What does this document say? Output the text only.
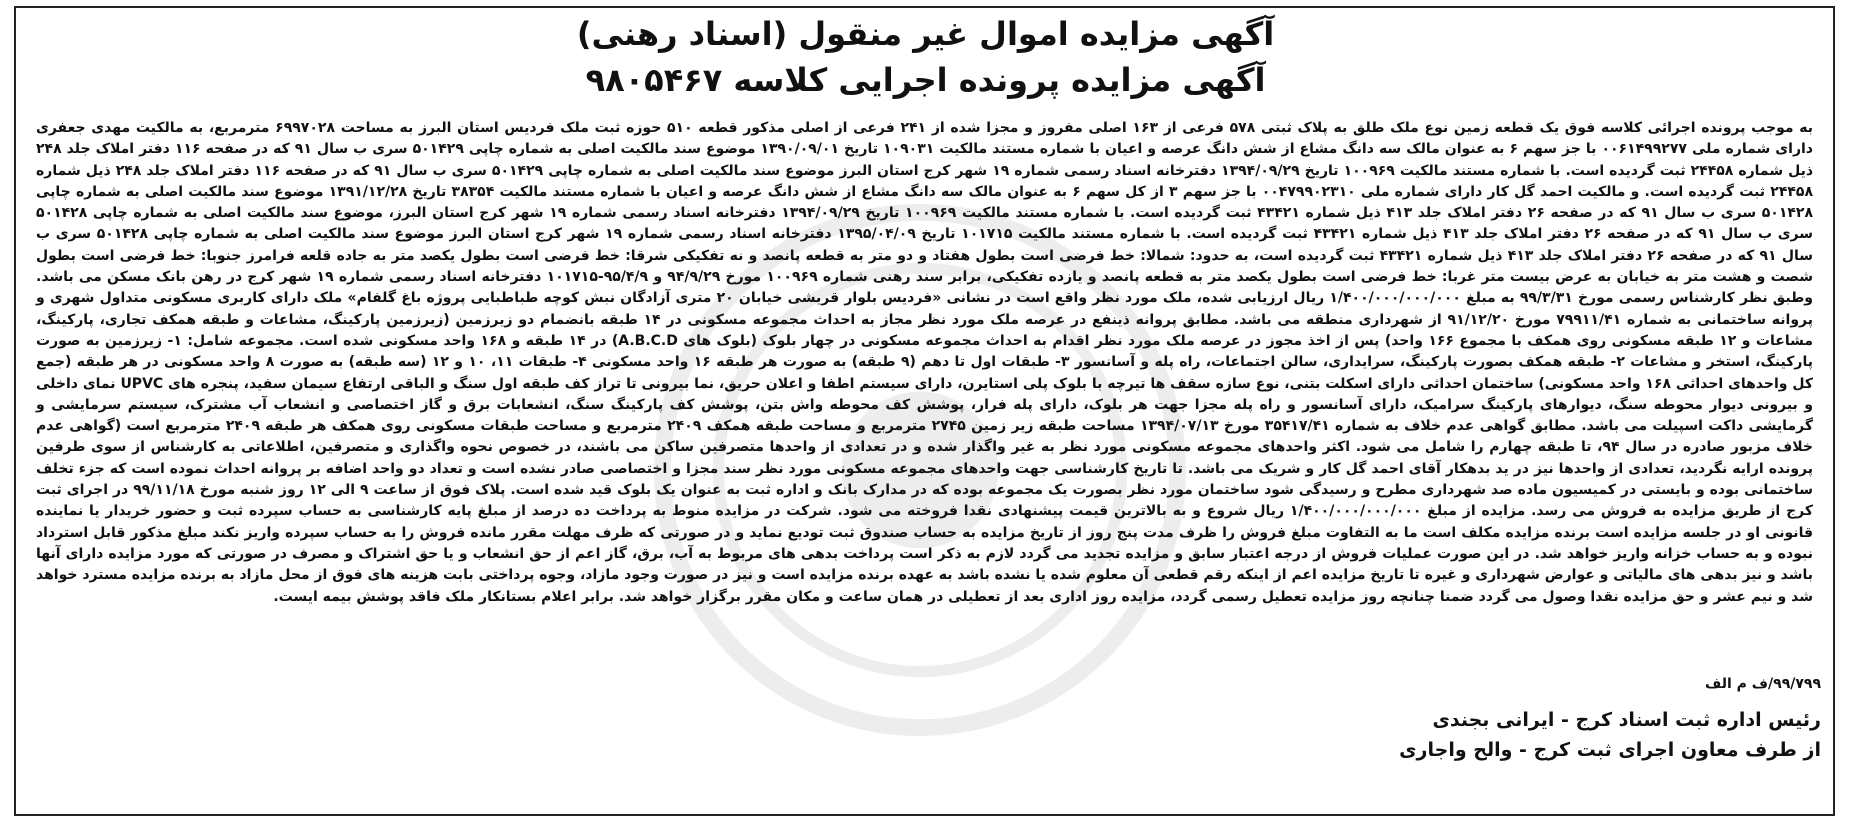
آگهی مزایده اموال غیر منقول (اسناد رهنی)
آگهی مزایده پرونده اجرایی کلاسه ۹۸۰۵۴۶۷

به موجب پرونده اجرائی کلاسه فوق یک قطعه زمین نوع ملک طلق به پلاک ثبتی ۵۷۸ فرعی از ۱۶۳ اصلی مفروز و مجزا شده از ۲۴۱ فرعی از اصلی مذکور قطعه ۵۱۰ حوزه ثبت ملک فردیس استان البرز به مساحت ۶۹۹۷۰۲۸ مترمربع، به مالکیت مهدی جعفری دارای شماره ملی ۰۰۶۱۴۹۹۲۷۷ با جز سهم ۶ به عنوان مالک سه دانگ مشاع از شش دانگ عرصه و اعیان با شماره مستند مالکیت ۱۰۹۰۳۱ تاریخ ۱۳۹۰/۰۹/۰۱ موضوع سند مالکیت اصلی به شماره چاپی ۵۰۱۴۲۹ سری ب سال ۹۱ که در صفحه ۱۱۶ دفتر املاک جلد ۲۴۸ ذیل شماره ۲۴۴۵۸ ثبت گردیده است. با شماره مستند مالکیت ۱۰۰۹۶۹ تاریخ ۱۳۹۴/۰۹/۲۹ دفترخانه اسناد رسمی شماره ۱۹ شهر کرج استان البرز موضوع سند مالکیت اصلی به شماره چاپی ۵۰۱۴۲۹ سری ب سال ۹۱ که در صفحه ۱۱۶ دفتر املاک جلد ۲۴۸ ذیل شماره ۲۴۴۵۸ ثبت گردیده است. و مالکیت احمد گل کار دارای شماره ملی ۰۰۴۷۹۹۰۲۳۱۰ با جز سهم ۳ از کل سهم ۶ به عنوان مالک سه دانگ مشاع از شش دانگ عرصه و اعیان با شماره مستند مالکیت ۳۸۳۵۴ تاریخ ۱۳۹۱/۱۲/۲۸ موضوع سند مالکیت اصلی به شماره چاپی ۵۰۱۴۲۸ سری ب سال ۹۱ که در صفحه ۲۶ دفتر املاک جلد ۴۱۳ ذیل شماره ۴۳۴۲۱ ثبت گردیده است. با شماره مستند مالکیت ۱۰۰۹۶۹ تاریخ ۱۳۹۴/۰۹/۲۹ دفترخانه اسناد رسمی شماره ۱۹ شهر کرج استان البرز، موضوع سند مالکیت اصلی به شماره چاپی ۵۰۱۴۲۸ سری ب سال ۹۱ که در صفحه ۲۶ دفتر املاک جلد ۴۱۳ ذیل شماره ۴۳۴۲۱ ثبت گردیده است. با شماره مستند مالکیت ۱۰۱۷۱۵ تاریخ ۱۳۹۵/۰۴/۰۹ دفترخانه اسناد رسمی شماره ۱۹ شهر کرج استان البرز موضوع سند مالکیت اصلی به شماره چاپی ۵۰۱۴۲۸ سری ب سال ۹۱ که در صفحه ۲۶ دفتر املاک جلد ۴۱۳ ذیل شماره ۴۳۴۲۱ ثبت گردیده است، به حدود: شمالا: خط فرضی است بطول هفتاد و دو متر به قطعه پانصد و نه تفکیکی شرقا: خط فرضی است بطول یکصد متر به جاده قلعه فرامرز جنوبا: خط فرضی است بطول شصت و هشت متر به خیابان به عرض بیست متر غربا: خط فرضی است بطول یکصد متر به قطعه پانصد و یازده تفکیکی، برابر سند رهنی شماره ۱۰۰۹۶۹ مورخ ۹۴/۹/۲۹ و ۹۵/۴/۹-۱۰۱۷۱۵ دفترخانه اسناد رسمی شماره ۱۹ شهر کرج در رهن بانک مسکن می باشد. وطبق نظر کارشناس رسمی مورخ ۹۹/۳/۳۱ به مبلغ ۱/۴۰۰/۰۰۰/۰۰۰/۰۰۰ ریال ارزیابی شده، ملک مورد نظر واقع است در نشانی «فردیس بلوار قریشی خیابان ۲۰ متری آزادگان نبش کوچه طباطبایی پروژه باغ گلفام» ملک دارای کاربری مسکونی متداول شهری و پروانه ساختمانی به شماره ۷۹۹۱۱/۴۱ مورخ ۹۱/۱۲/۲۰ از شهرداری منطقه می باشد. مطابق پروانه ذینفع در عرصه ملک مورد نظر مجاز به احداث مجموعه مسکونی در ۱۴ طبقه بانضمام دو زیرزمین (زیرزمین پارکینگ، مشاعات و طبقه همکف تجاری، پارکینگ، مشاعات و ۱۲ طبقه مسکونی روی همکف با مجموع ۱۶۶ واحد) پس از اخذ مجوز در عرصه ملک مورد نظر اقدام به احداث مجموعه مسکونی در چهار بلوک (بلوک های A.B.C.D) در ۱۴ طبقه و ۱۶۸ واحد مسکونی شده است. مجموعه شامل: ۱- زیرزمین به صورت پارکینگ، استخر و مشاعات ۲- طبقه همکف بصورت پارکینگ، سرایداری، سالن اجتماعات، راه پله و آسانسور ۳- طبقات اول تا دهم (۹ طبقه) به صورت هر طبقه ۱۶ واحد مسکونی ۴- طبقات ۱۱، ۱۰ و ۱۲ (سه طبقه) به صورت ۸ واحد مسکونی در هر طبقه (جمع کل واحدهای احداثی ۱۶۸ واحد مسکونی) ساختمان احداثی دارای اسکلت بتنی، نوع سازه سقف ها تیرچه با بلوک پلی استایرن، دارای سیستم اطفا و اعلان حریق، نما بیرونی تا تراز کف طبقه اول سنگ و الباقی ارتفاع سیمان سفید، پنجره های UPVC نمای داخلی و بیرونی دیوار محوطه سنگ، دیوارهای پارکینگ سرامیک، دارای آسانسور و راه پله مجزا جهت هر بلوک، دارای پله فرار، پوشش کف محوطه واش بتن، پوشش کف پارکینگ سنگ، انشعابات برق و گاز اختصاصی و انشعاب آب مشترک، سیستم سرمایشی و گرمایشی داکت اسپیلت می باشد. مطابق گواهی عدم خلاف به شماره ۳۵۴۱۷/۴۱ مورخ ۱۳۹۴/۰۷/۱۳ مساحت طبقه زیر زمین ۲۷۴۵ مترمربع و مساحت طبقه همکف ۲۴۰۹ مترمربع و مساحت طبقات مسکونی روی همکف هر طبقه ۲۴۰۹ مترمربع است (گواهی عدم خلاف مزبور صادره در سال ۹۴، تا طبقه چهارم را شامل می شود. اکثر واحدهای مجموعه مسکونی مورد نظر به غیر واگذار شده و در تعدادی از واحدها متصرفین ساکن می باشند، در خصوص نحوه واگذاری و متصرفین، اطلاعاتی به کارشناس از سوی طرفین پرونده ارایه نگردید، تعدادی از واحدها نیز در ید بدهکار آقای احمد گل کار و شریک می باشد. تا تاریخ کارشناسی جهت واحدهای مجموعه مسکونی مورد نظر سند مجزا و اختصاصی صادر نشده است و تعداد دو واحد اضافه بر پروانه احداث نموده است که جزء تخلف ساختمانی بوده و بایستی در کمیسیون ماده صد شهرداری مطرح و رسیدگی شود ساختمان مورد نظر بصورت یک مجموعه بوده که در مدارک بانک و اداره ثبت به عنوان یک بلوک قید شده است. پلاک فوق از ساعت ۹ الی ۱۲ روز شنبه مورخ ۹۹/۱۱/۱۸ در اجرای ثبت کرج از طریق مزایده به فروش می رسد. مزایده از مبلغ ۱/۴۰۰/۰۰۰/۰۰۰/۰۰۰ ریال شروع و به بالاترین قیمت پیشنهادی نقدا فروخته می شود. شرکت در مزایده منوط به پرداخت ده درصد از مبلغ پایه کارشناسی به حساب سپرده ثبت و حضور خریدار یا نماینده قانونی او در جلسه مزایده است برنده مزایده مکلف است ما به التفاوت مبلغ فروش را ظرف مدت پنج روز از تاریخ مزایده به حساب صندوق ثبت تودیع نماید و در صورتی که ظرف مهلت مقرر مانده فروش را به حساب سپرده واریز نکند مبلغ مذکور قابل استرداد نبوده و به حساب خزانه واریز خواهد شد. در این صورت عملیات فروش از درجه اعتبار سابق و مزایده تجدید می گردد لازم به ذکر است پرداخت بدهی های مربوط به آب، برق، گاز اعم از حق انشعاب و یا حق اشتراک و مصرف در صورتی که مورد مزایده دارای آنها باشد و نیز بدهی های مالیاتی و عوارض شهرداری و غیره تا تاریخ مزایده اعم از اینکه رقم قطعی آن معلوم شده یا نشده باشد به عهده برنده مزایده است و نیز در صورت وجود مازاد، وجوه پرداختی بابت هزینه های فوق از محل مازاد به برنده مزایده مسترد خواهد شد و نیم عشر و حق مزایده نقدا وصول می گردد ضمنا چنانچه روز مزایده تعطیل رسمی گردد، مزایده روز اداری بعد از تعطیلی در همان ساعت و مکان مقرر برگزار خواهد شد. برابر اعلام بستانکار ملک فاقد پوشش بیمه ایست.

۹۹/۷۹۹/ف م الف
رئیس اداره ثبت اسناد کرج - ایرانی بجندی
از طرف معاون اجرای ثبت کرج - والح واجاری
